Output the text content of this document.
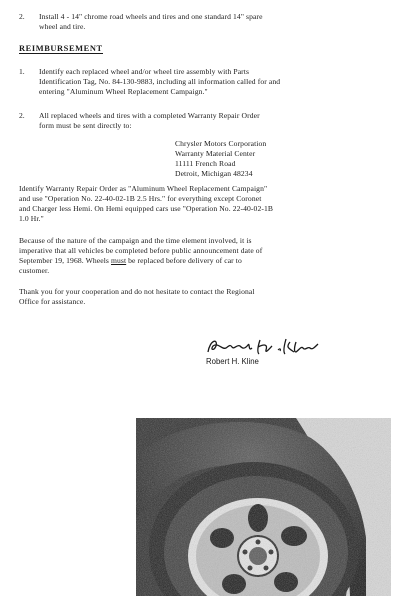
2. Install 4 - 14" chrome road wheels and tires and one standard 14" spare
wheel and tire.
REIMBURSEMENT
1. Identify each replaced wheel and/or wheel tire assembly with Parts
Identification Tag, No. 84-130-9883, including all information called for and
entering "Aluminum Wheel Replacement Campaign."
2. All replaced wheels and tires with a completed Warranty Repair Order
form must be sent directly to:
Chrysler Motors Corporation
Warranty Material Center
11111 French Road
Detroit, Michigan 48234
Identify Warranty Repair Order as "Aluminum Wheel Replacement Campaign"
and use "Operation No. 22-40-02-1B 2.5 Hrs." for everything except Coronet
and Charger less Hemi. On Hemi equipped cars use "Operation No. 22-40-02-1B
1.0 Hr."
Because of the nature of the campaign and the time element involved, it is
imperative that all vehicles be completed before public announcement date of
September 19, 1968. Wheels must be replaced before delivery of car to
customer.
Thank you for your cooperation and do not hesitate to contact the Regional
Office for assistance.
Robert H. Kline
